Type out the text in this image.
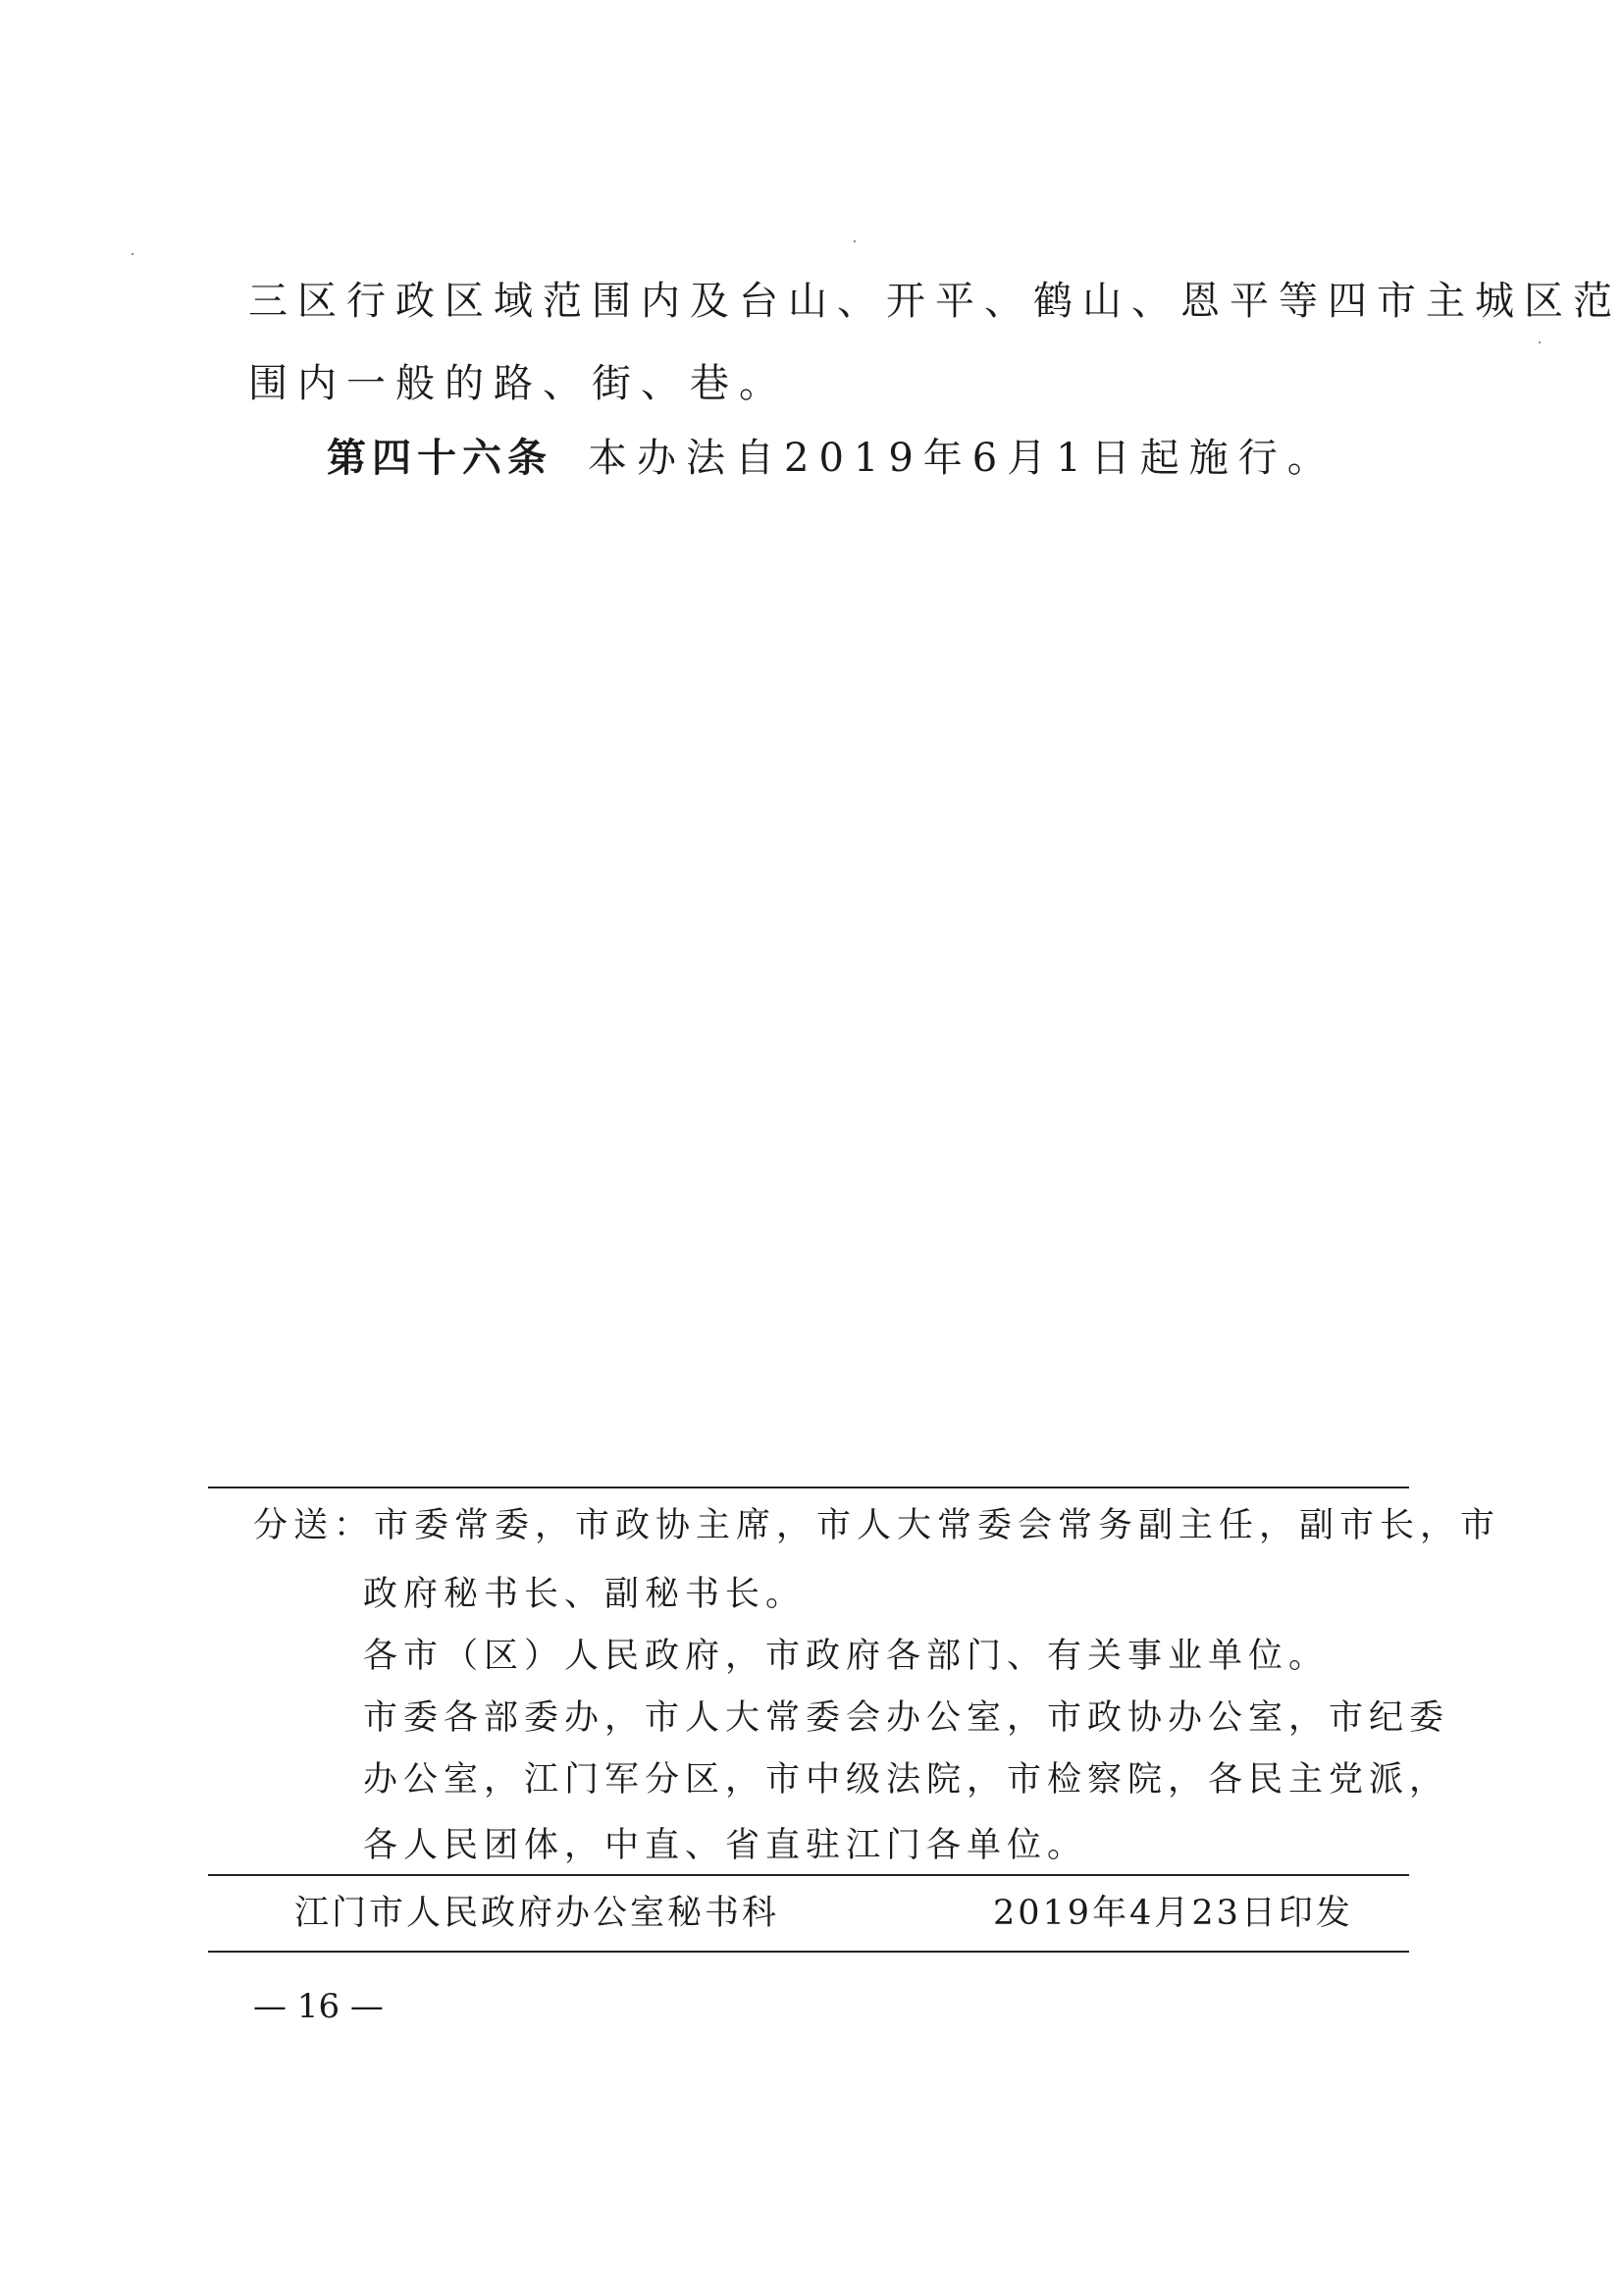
三区行政区域范围内及台山、开平、鹤山、恩平等四市主城区范
围内一般的路、街、巷。
第四十六条 本办法自2019年6月1日起施行。
分送：市委常委，市政协主席，市人大常委会常务副主任，副市长，市
政府秘书长、副秘书长。
各市（区）人民政府，市政府各部门、有关事业单位。
市委各部委办，市人大常委会办公室，市政协办公室，市纪委
办公室，江门军分区，市中级法院，市检察院，各民主党派，
各人民团体，中直、省直驻江门各单位。
江门市人民政府办公室秘书科	2019年4月23日印发
— 16 —
